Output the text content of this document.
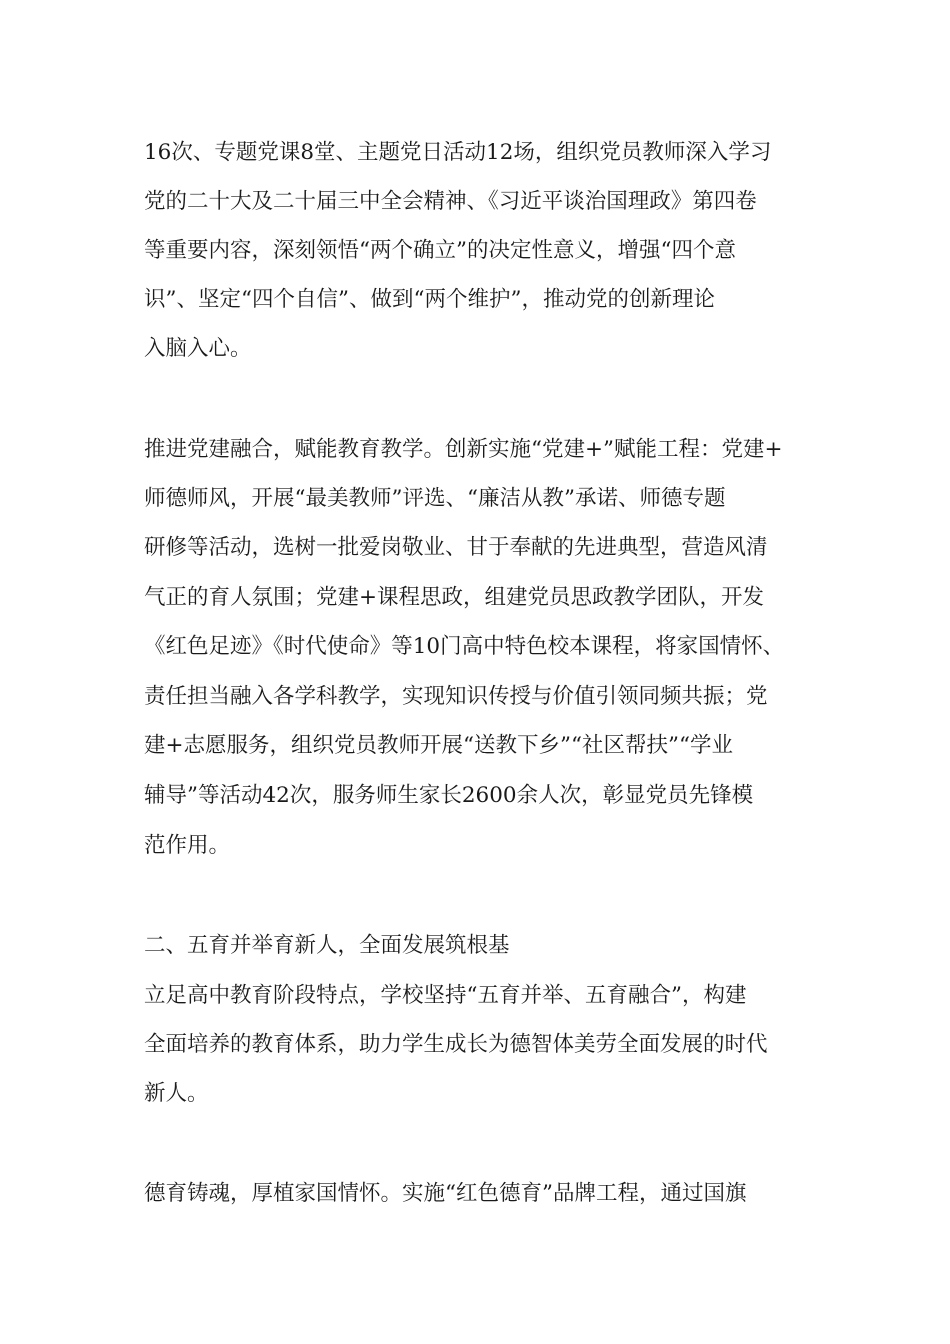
16次、专题党课8堂、主题党日活动12场，组织党员教师深入学习
党的二十大及二十届三中全会精神、《习近平谈治国理政》第四卷
等重要内容，深刻领悟“两个确立”的决定性意义，增强“四个意
识”、坚定“四个自信”、做到“两个维护”，推动党的创新理论
入脑入心。
推进党建融合，赋能教育教学。创新实施“党建+”赋能工程：党建+
师德师风，开展“最美教师”评选、“廉洁从教”承诺、师德专题
研修等活动，选树一批爱岗敬业、甘于奉献的先进典型，营造风清
气正的育人氛围；党建+课程思政，组建党员思政教学团队，开发
《红色足迹》《时代使命》等10门高中特色校本课程，将家国情怀、
责任担当融入各学科教学，实现知识传授与价值引领同频共振；党
建+志愿服务，组织党员教师开展“送教下乡”“社区帮扶”“学业
辅导”等活动42次，服务师生家长2600余人次，彰显党员先锋模
范作用。
二、五育并举育新人，全面发展筑根基
立足高中教育阶段特点，学校坚持“五育并举、五育融合”，构建
全面培养的教育体系，助力学生成长为德智体美劳全面发展的时代
新人。
德育铸魂，厚植家国情怀。实施“红色德育”品牌工程，通过国旗
